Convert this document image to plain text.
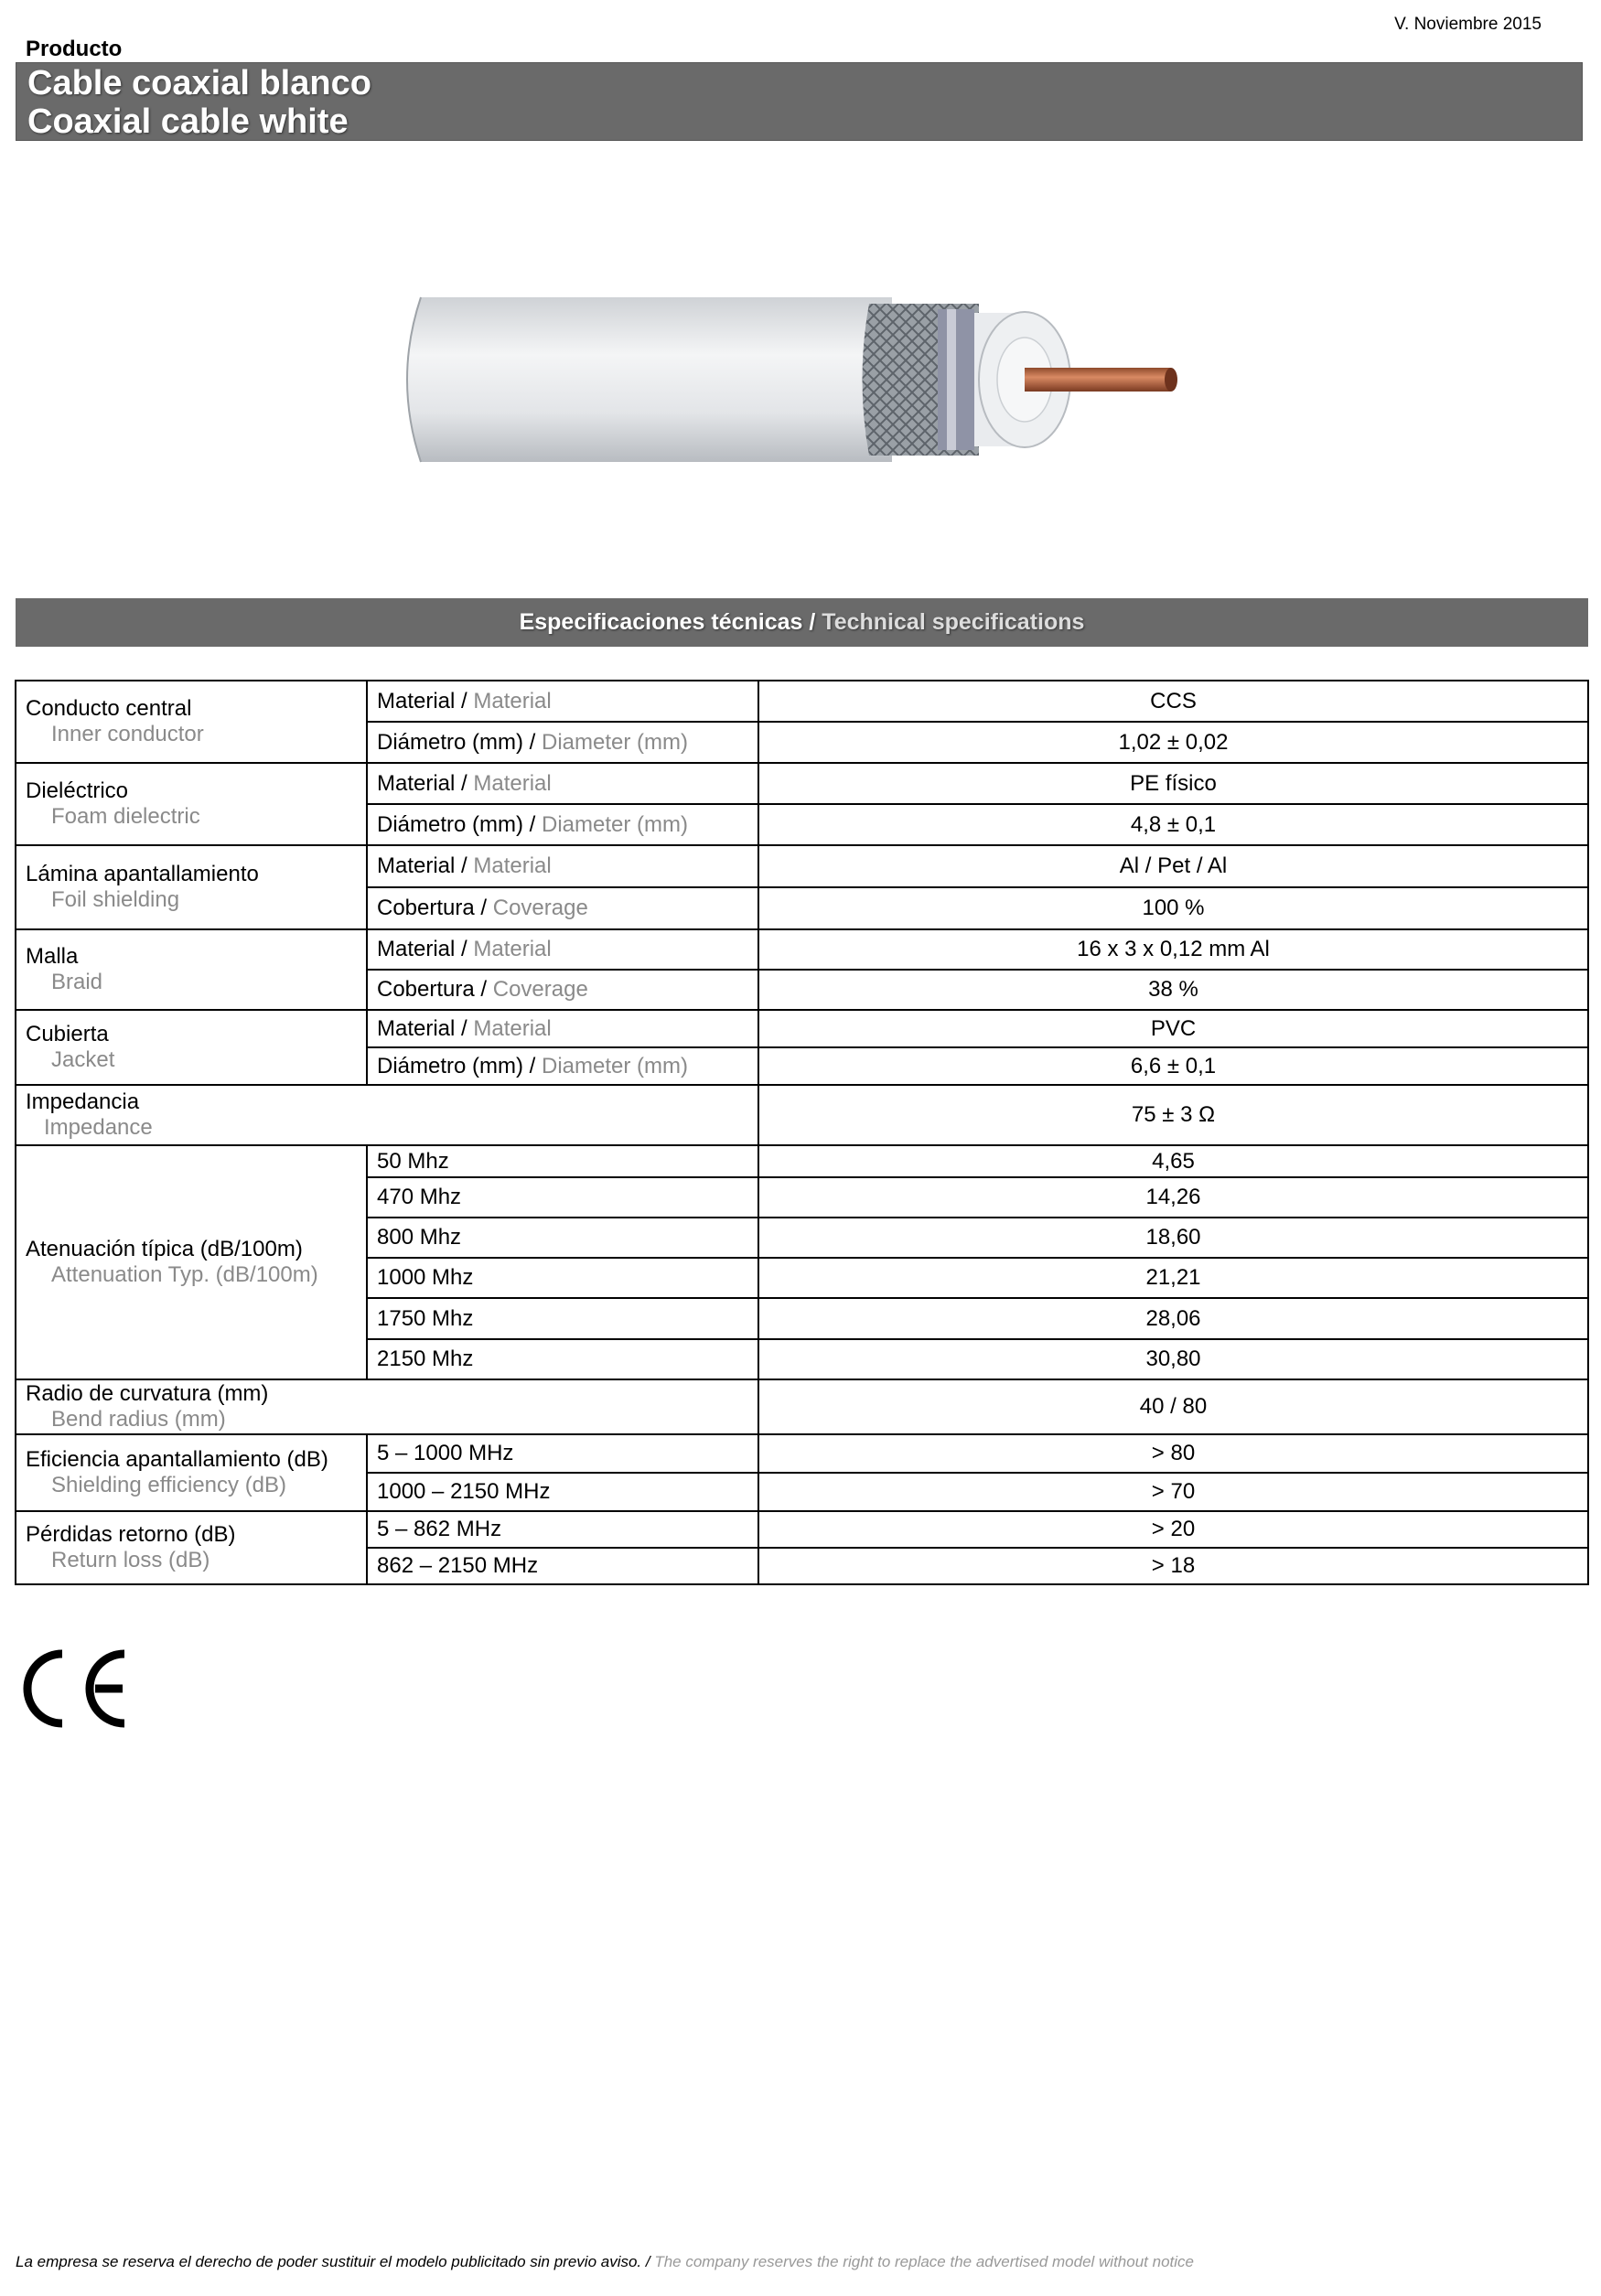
V. Noviembre 2015
Producto
Cable coaxial blanco
Coaxial cable white
Especificaciones técnicas / Technical specifications
Conducto central
Inner conductor	Material / Material	CCS
	Diámetro (mm) / Diameter (mm)	1,02 ± 0,02

Dieléctrico
Foam dielectric	Material / Material	PE físico
	Diámetro (mm) / Diameter (mm)	4,8 ± 0,1

Lámina apantallamiento
Foil shielding	Material / Material	Al / Pet / Al
	Cobertura / Coverage	100 %

Malla
Braid	Material / Material	16 x 3 x 0,12 mm Al
	Cobertura / Coverage	38 %

Cubierta
Jacket	Material / Material	PVC
	Diámetro (mm) / Diameter (mm)	6,6 ± 0,1

Impedancia
Impedance		75 ± 3 Ω

Atenuación típica (dB/100m)
Attenuation Typ. (dB/100m)	50 Mhz	4,65
	470 Mhz	14,26
	800 Mhz	18,60
	1000 Mhz	21,21
	1750 Mhz	28,06
	2150 Mhz	30,80

Radio de curvatura (mm)
Bend radius (mm)		40 / 80

Eficiencia apantallamiento (dB)
Shielding efficiency (dB)	5 – 1000 MHz	> 80
	1000 – 2150 MHz	> 70

Pérdidas retorno (dB)
Return loss (dB)	5 – 862 MHz	> 20
	862 – 2150 MHz	> 18
La empresa se reserva el derecho de poder sustituir el modelo publicitado sin previo aviso. / The company reserves the right to replace the advertised model without notice
